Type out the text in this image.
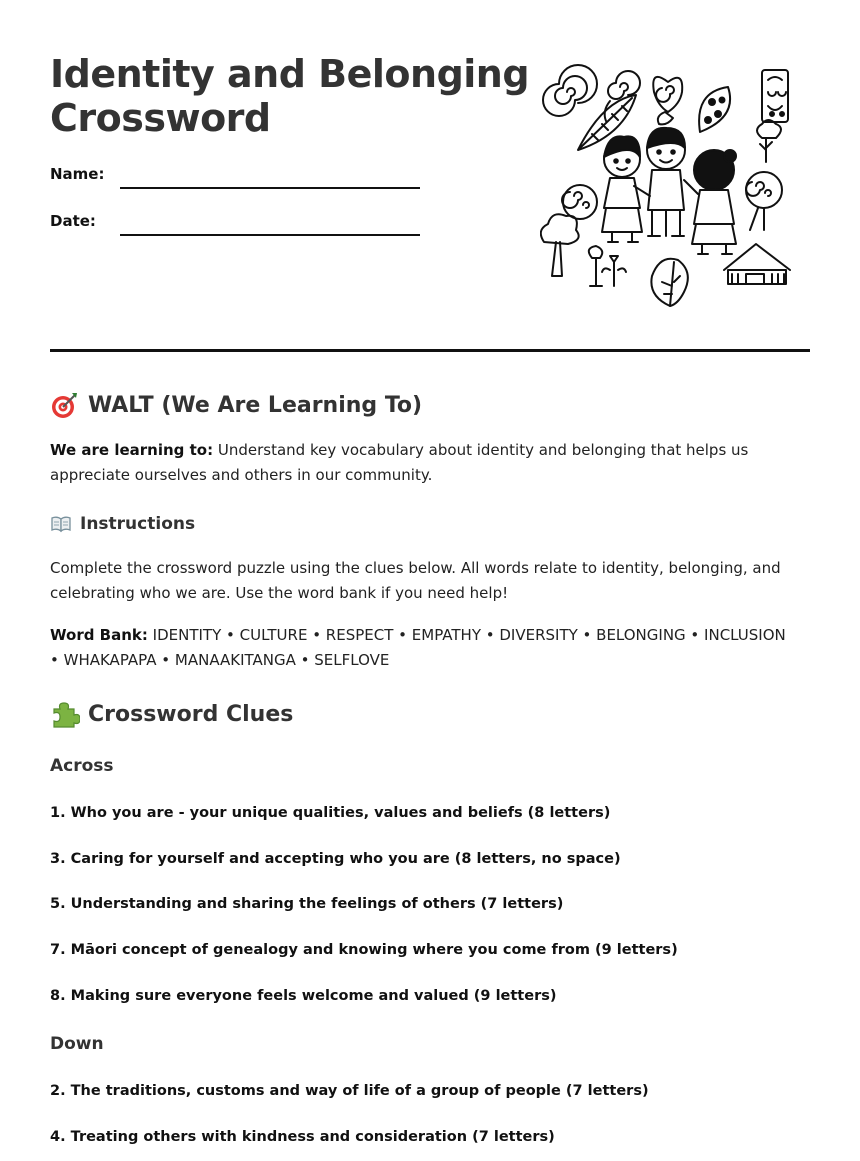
Identity and Belonging
Crossword
Name:
Date:
WALT (We Are Learning To)

We are learning to: Understand key vocabulary about identity and belonging that helps us appreciate ourselves and others in our community.

Instructions

Complete the crossword puzzle using the clues below. All words relate to identity, belonging, and celebrating who we are. Use the word bank if you need help!

Word Bank: IDENTITY • CULTURE • RESPECT • EMPATHY • DIVERSITY • BELONGING • INCLUSION • WHAKAPAPA • MANAAKITANGA • SELFLOVE

Crossword Clues
Across

1. Who you are - your unique qualities, values and beliefs (8 letters)

3. Caring for yourself and accepting who you are (8 letters, no space)

5. Understanding and sharing the feelings of others (7 letters)

7. Māori concept of genealogy and knowing where you come from (9 letters)

8. Making sure everyone feels welcome and valued (9 letters)

Down

2. The traditions, customs and way of life of a group of people (7 letters)

4. Treating others with kindness and consideration (7 letters)
